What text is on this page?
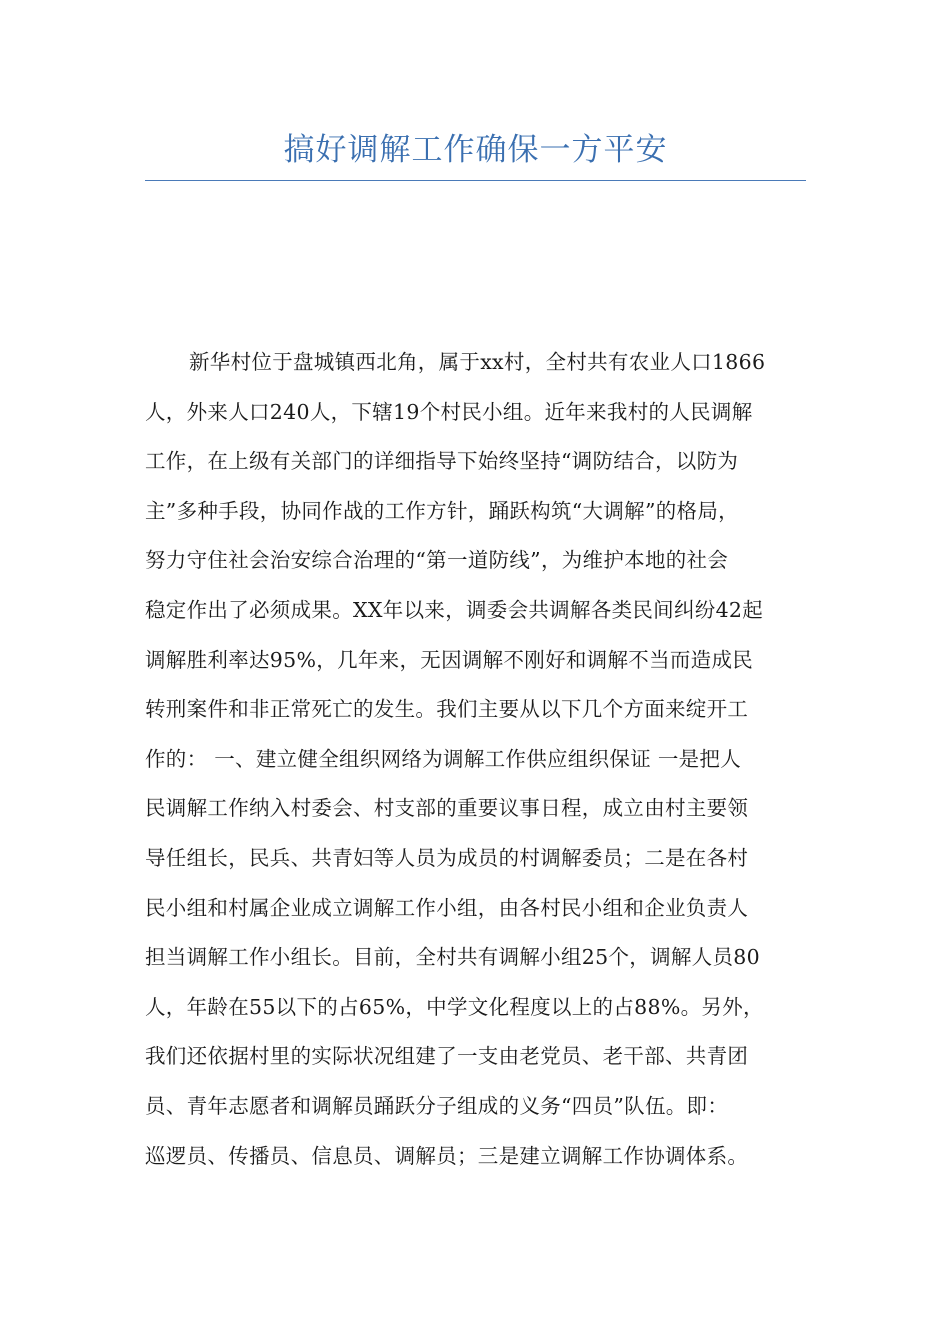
搞好调解工作确保一方平安
新华村位于盘城镇西北角，属于xx村，全村共有农业人口1866
人，外来人口240人，下辖19个村民小组。近年来我村的人民调解
工作，在上级有关部门的详细指导下始终坚持“调防结合，以防为
主”多种手段，协同作战的工作方针，踊跃构筑“大调解”的格局，
努力守住社会治安综合治理的“第一道防线”，为维护本地的社会
稳定作出了必须成果。XX年以来，调委会共调解各类民间纠纷42起
调解胜利率达95%，几年来，无因调解不刚好和调解不当而造成民
转刑案件和非正常死亡的发生。我们主要从以下几个方面来绽开工
作的： 一、建立健全组织网络为调解工作供应组织保证 一是把人
民调解工作纳入村委会、村支部的重要议事日程，成立由村主要领
导任组长，民兵、共青妇等人员为成员的村调解委员；二是在各村
民小组和村属企业成立调解工作小组，由各村民小组和企业负责人
担当调解工作小组长。目前，全村共有调解小组25个，调解人员80
人，年龄在55以下的占65%，中学文化程度以上的占88%。另外，
我们还依据村里的实际状况组建了一支由老党员、老干部、共青团
员、青年志愿者和调解员踊跃分子组成的义务“四员”队伍。即：
巡逻员、传播员、信息员、调解员；三是建立调解工作协调体系。
